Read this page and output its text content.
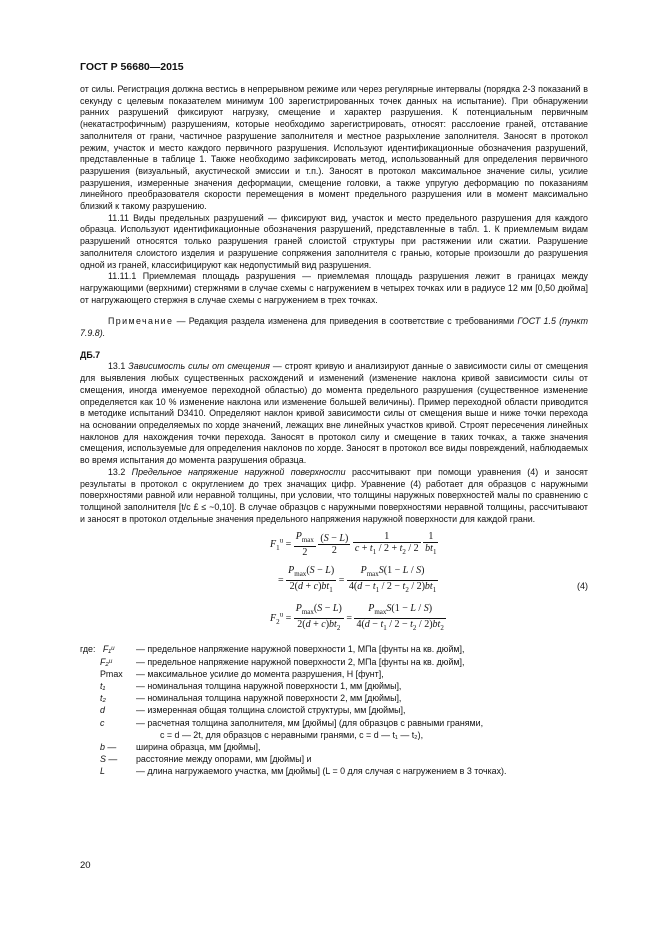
ГОСТ Р 56680—2015

от силы. Регистрация должна вестись в непрерывном режиме или через регулярные интервалы (порядка 2-3 показаний в секунду с целевым показателем минимум 100 зарегистрированных точек данных на испытание). При обнаружении ранних разрушений фиксируют нагрузку, смещение и характер разрушения. К потенциальным первичным (некатастрофичным) разрушениям, которые необходимо зарегистрировать, относят: расслоение граней, отставание заполнителя от грани, частичное разрушение заполнителя и местное разрыхление заполнителя. Заносят в протокол режим, участок и место каждого первичного разрушения. Используют идентификационные обозначения разрушений, представленные в таблице 1. Также необходимо зафиксировать метод, использованный для определения первичного разрушения (визуальный, акустической эмиссии и т.п.). Заносят в протокол максимальное значение силы, усилие разрушения, измеренные значения деформации, смещение головки, а также упругую деформацию по показаниям линейного преобразователя скорости перемещения в момент предельного разрушения или в момент максимально близкий к такому разрушению.

11.11 Виды предельных разрушений — фиксируют вид, участок и место предельного разрушения для каждого образца. Используют идентификационные обозначения разрушений, представленные в табл. 1. К приемлемым видам разрушений относятся только разрушения граней слоистой структуры при растяжении или сжатии. Разрушение заполнителя слоистого изделия и разрушение сопряжения заполнителя с гранью, которые произошли до разрушения одной из граней, классифицируют как недопустимый вид разрушения.

11.11.1 Приемлемая площадь разрушения — приемлемая площадь разрушения лежит в границах между нагружающими (верхними) стержнями в случае схемы с нагружением в четырех точках или в радиусе 12 мм [0,50 дюйма] от нагружающего стержня в случае схемы с нагружением в трех точках.

Примечание — Редакция раздела изменена для приведения в соответствие с требованиями ГОСТ 1.5 (пункт 7.9.8).

ДБ.7

13.1 Зависимость силы от смещения — строят кривую и анализируют данные о зависимости силы от смещения для выявления любых существенных расхождений и изменений (изменение наклона кривой зависимости силы от смещения, иногда именуемое переходной областью) до момента предельного разрушения (существенное изменение определяется как 10 % изменение наклона или изменение большей величины). Пример переходной области приводится в методике испытаний D3410. Определяют наклон кривой зависимости силы от смещения выше и ниже точки перехода на основании определяемых по хорде значений, лежащих вне линейных участков кривой. Строят пересечения линейных наклонов для нахождения точки перехода. Заносят в протокол силу и смещение в таких точках, а также значения смещения, используемые для определения наклонов по хорде. Заносят в протокол все виды повреждений, наблюдаемых во время испытания до момента разрушения образца.

13.2 Предельное напряжение наружной поверхности рассчитывают при помощи уравнения (4) и заносят результаты в протокол с округлением до трех значащих цифр. Уравнение (4) работает для образцов с наружными поверхностями равной или неравной толщины, при условии, что толщины наружных поверхностей малы по сравнению с толщиной заполнителя [t/c £ ≤ ~0,10]. В случае образцов с наружными поверхностями неравной толщины, рассчитывают и заносят в протокол отдельные значения предельного напряжения наружной поверхности для каждой грани.

$F_1^u = \frac{P_{max}}{2}$
$\frac{(S - L)}{2}$
$\frac{1}{c + t_1 / 2 + t_2 / 2}$
$\frac{1}{bt_1}$
= $\frac{P_{max}(S - L)}{2(d + c)bt_1} = \frac{P_{max}S(1 - L / S)}{4(d - t_1 / 2 - t_2 / 2)bt_1}$
$F_2^u = \frac{P_{max}(S - L)}{2(d + c)bt_2} = \frac{P_{max}S(1 - L / S)}{4(d - t_1 / 2 - t_2 / 2)bt_2}$
(4)
где: F₁ᵘ	— предельное напряжение наружной поверхности 1, МПа [фунты на кв. дюйм],
F₂ᵘ	— предельное напряжение наружной поверхности 2, МПа [фунты на кв. дюйм],
Pmax	— максимальное усилие до момента разрушения, Н [фунт],
t₁	— номинальная толщина наружной поверхности 1, мм [дюймы],
t₂	— номинальная толщина наружной поверхности 2, мм [дюймы],
d	— измеренная общая толщина слоистой структуры, мм [дюймы],
c	— расчетная толщина заполнителя, мм [дюймы] (для образцов с равными гранями,
c = d — 2t, для образцов с неравными гранями, c = d — t₁ — t₂),
b —	ширина образца, мм [дюймы],
S —	расстояние между опорами, мм [дюймы] и
L	— длина нагружаемого участка, мм [дюймы] (L = 0 для случая с нагружением в 3 точках).
20
